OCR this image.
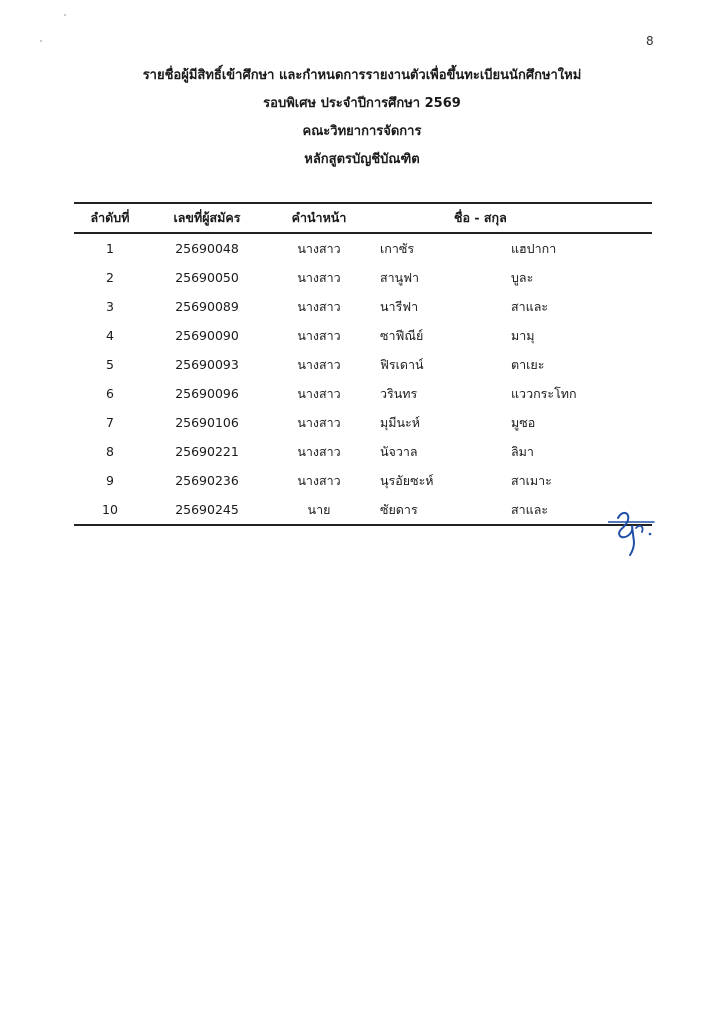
8
รายชื่อผู้มีสิทธิ์เข้าศึกษา และกำหนดการรายงานตัวเพื่อขึ้นทะเบียนนักศึกษาใหม่
รอบพิเศษ ประจำปีการศึกษา 2569
คณะวิทยาการจัดการ
หลักสูตรบัญชีบัณฑิต
ลำดับที่	เลขที่ผู้สมัคร	คำนำหน้า	ชื่อ - สกุล	
1	25690048	นางสาว	เกาซัร	แฮปากา
2	25690050	นางสาว	สานูฟา	บูละ
3	25690089	นางสาว	นารีฟา	สาและ
4	25690090	นางสาว	ซาฟีณีย์	มามุ
5	25690093	นางสาว	ฟิรเดาน์	ตาเยะ
6	25690096	นางสาว	วรินทร	แววกระโทก
7	25690106	นางสาว	มุมีนะห์	มูซอ
8	25690221	นางสาว	นัจวาล	ลิมา
9	25690236	นางสาว	นุรอัยซะห์	สาเมาะ
10	25690245	นาย	ซัยดาร	สาและ
